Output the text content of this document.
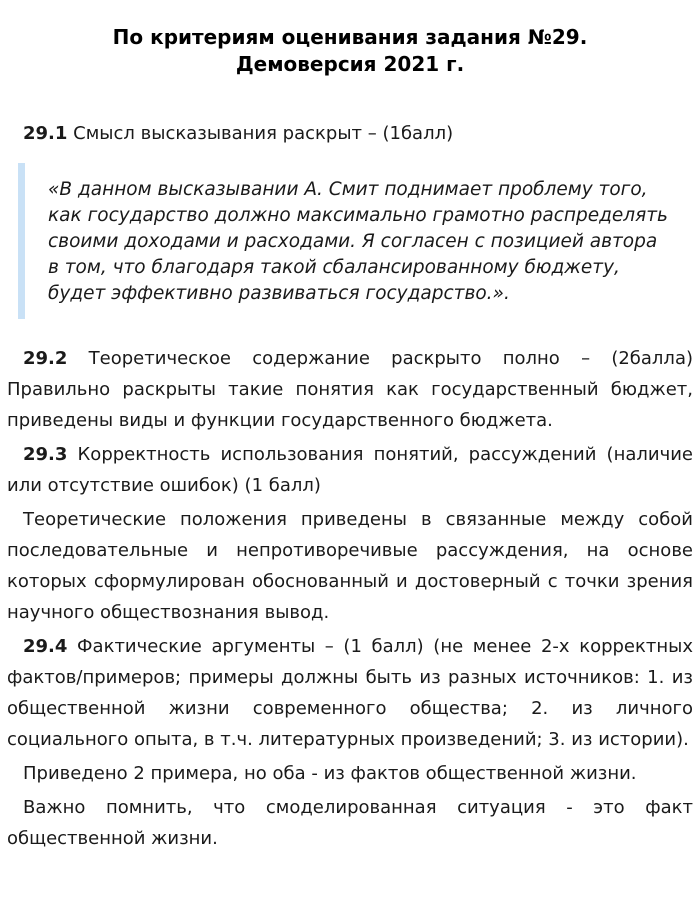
По критериям оценивания задания №29.
Демоверсия 2021 г.

29.1 Смысл высказывания раскрыт – (1балл)

«В данном высказывании А. Смит поднимает проблему того, как государство должно максимально грамотно распределять своими доходами и расходами. Я согласен с позицией автора в том, что благодаря такой сбалансированному бюджету, будет эффективно развиваться государство.».

29.2 Теоретическое содержание раскрыто полно – (2балла) Правильно раскрыты такие понятия как государственный бюджет, приведены виды и функции государственного бюджета.

29.3 Корректность использования понятий, рассуждений (наличие или отсутствие ошибок) (1 балл)

Теоретические положения приведены в связанные между собой последовательные и непротиворечивые рассуждения, на основе которых сформулирован обоснованный и достоверный с точки зрения научного обществознания вывод.

29.4 Фактические аргументы – (1 балл) (не менее 2-х корректных фактов/примеров; примеры должны быть из разных источников: 1. из общественной жизни современного общества; 2. из личного социального опыта, в т.ч. литературных произведений; 3. из истории).

Приведено 2 примера, но оба - из фактов общественной жизни.

Важно помнить, что смоделированная ситуация - это факт общественной жизни.
